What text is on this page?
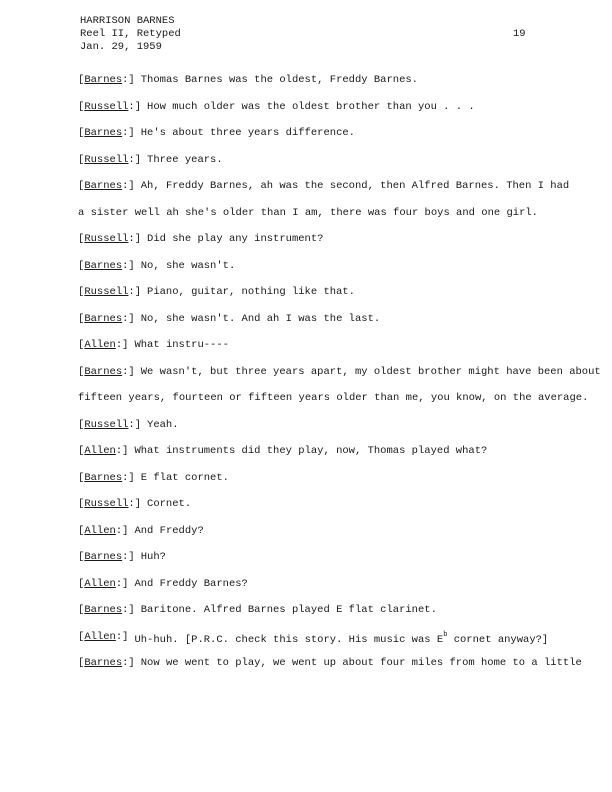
HARRISON BARNES
Reel II, Retyped
Jan. 29, 1959
19
[ Barnes :]	Thomas Barnes was the oldest, Freddy Barnes.
[ Russell :]	How much older was the oldest brother than you . . .
[ Barnes :]	He's about three years difference.
[ Russell :]	Three years.
[ Barnes :]	Ah, Freddy Barnes, ah was the second, then Alfred Barnes. Then I had
a sister well ah she's older than I am, there was four boys and one girl.
[ Russell :]	Did she play any instrument?
[ Barnes :]	No, she wasn't.
[ Russell :]	Piano, guitar, nothing like that.
[ Barnes :]	No, she wasn't. And ah I was the last.
[ Allen :]	What instru----
[ Barnes :]	We wasn't, but three years apart, my oldest brother might have been about
fifteen years, fourteen or fifteen years older than me, you know, on the average.
[ Russell :]	Yeah.
[ Allen :]	What instruments did they play, now, Thomas played what?
[ Barnes :]	E flat cornet.
[ Russell :]	Cornet.
[ Allen :]	And Freddy?
[ Barnes :]	Huh?
[ Allen :]	And Freddy Barnes?
[ Barnes :]	Baritone. Alfred Barnes played E flat clarinet.
[ Allen :]	Uh-huh. [P.R.C. check this story. His music was $E^b$ cornet anyway?]
[ Barnes :]	Now we went to play, we went up about four miles from home to a little
